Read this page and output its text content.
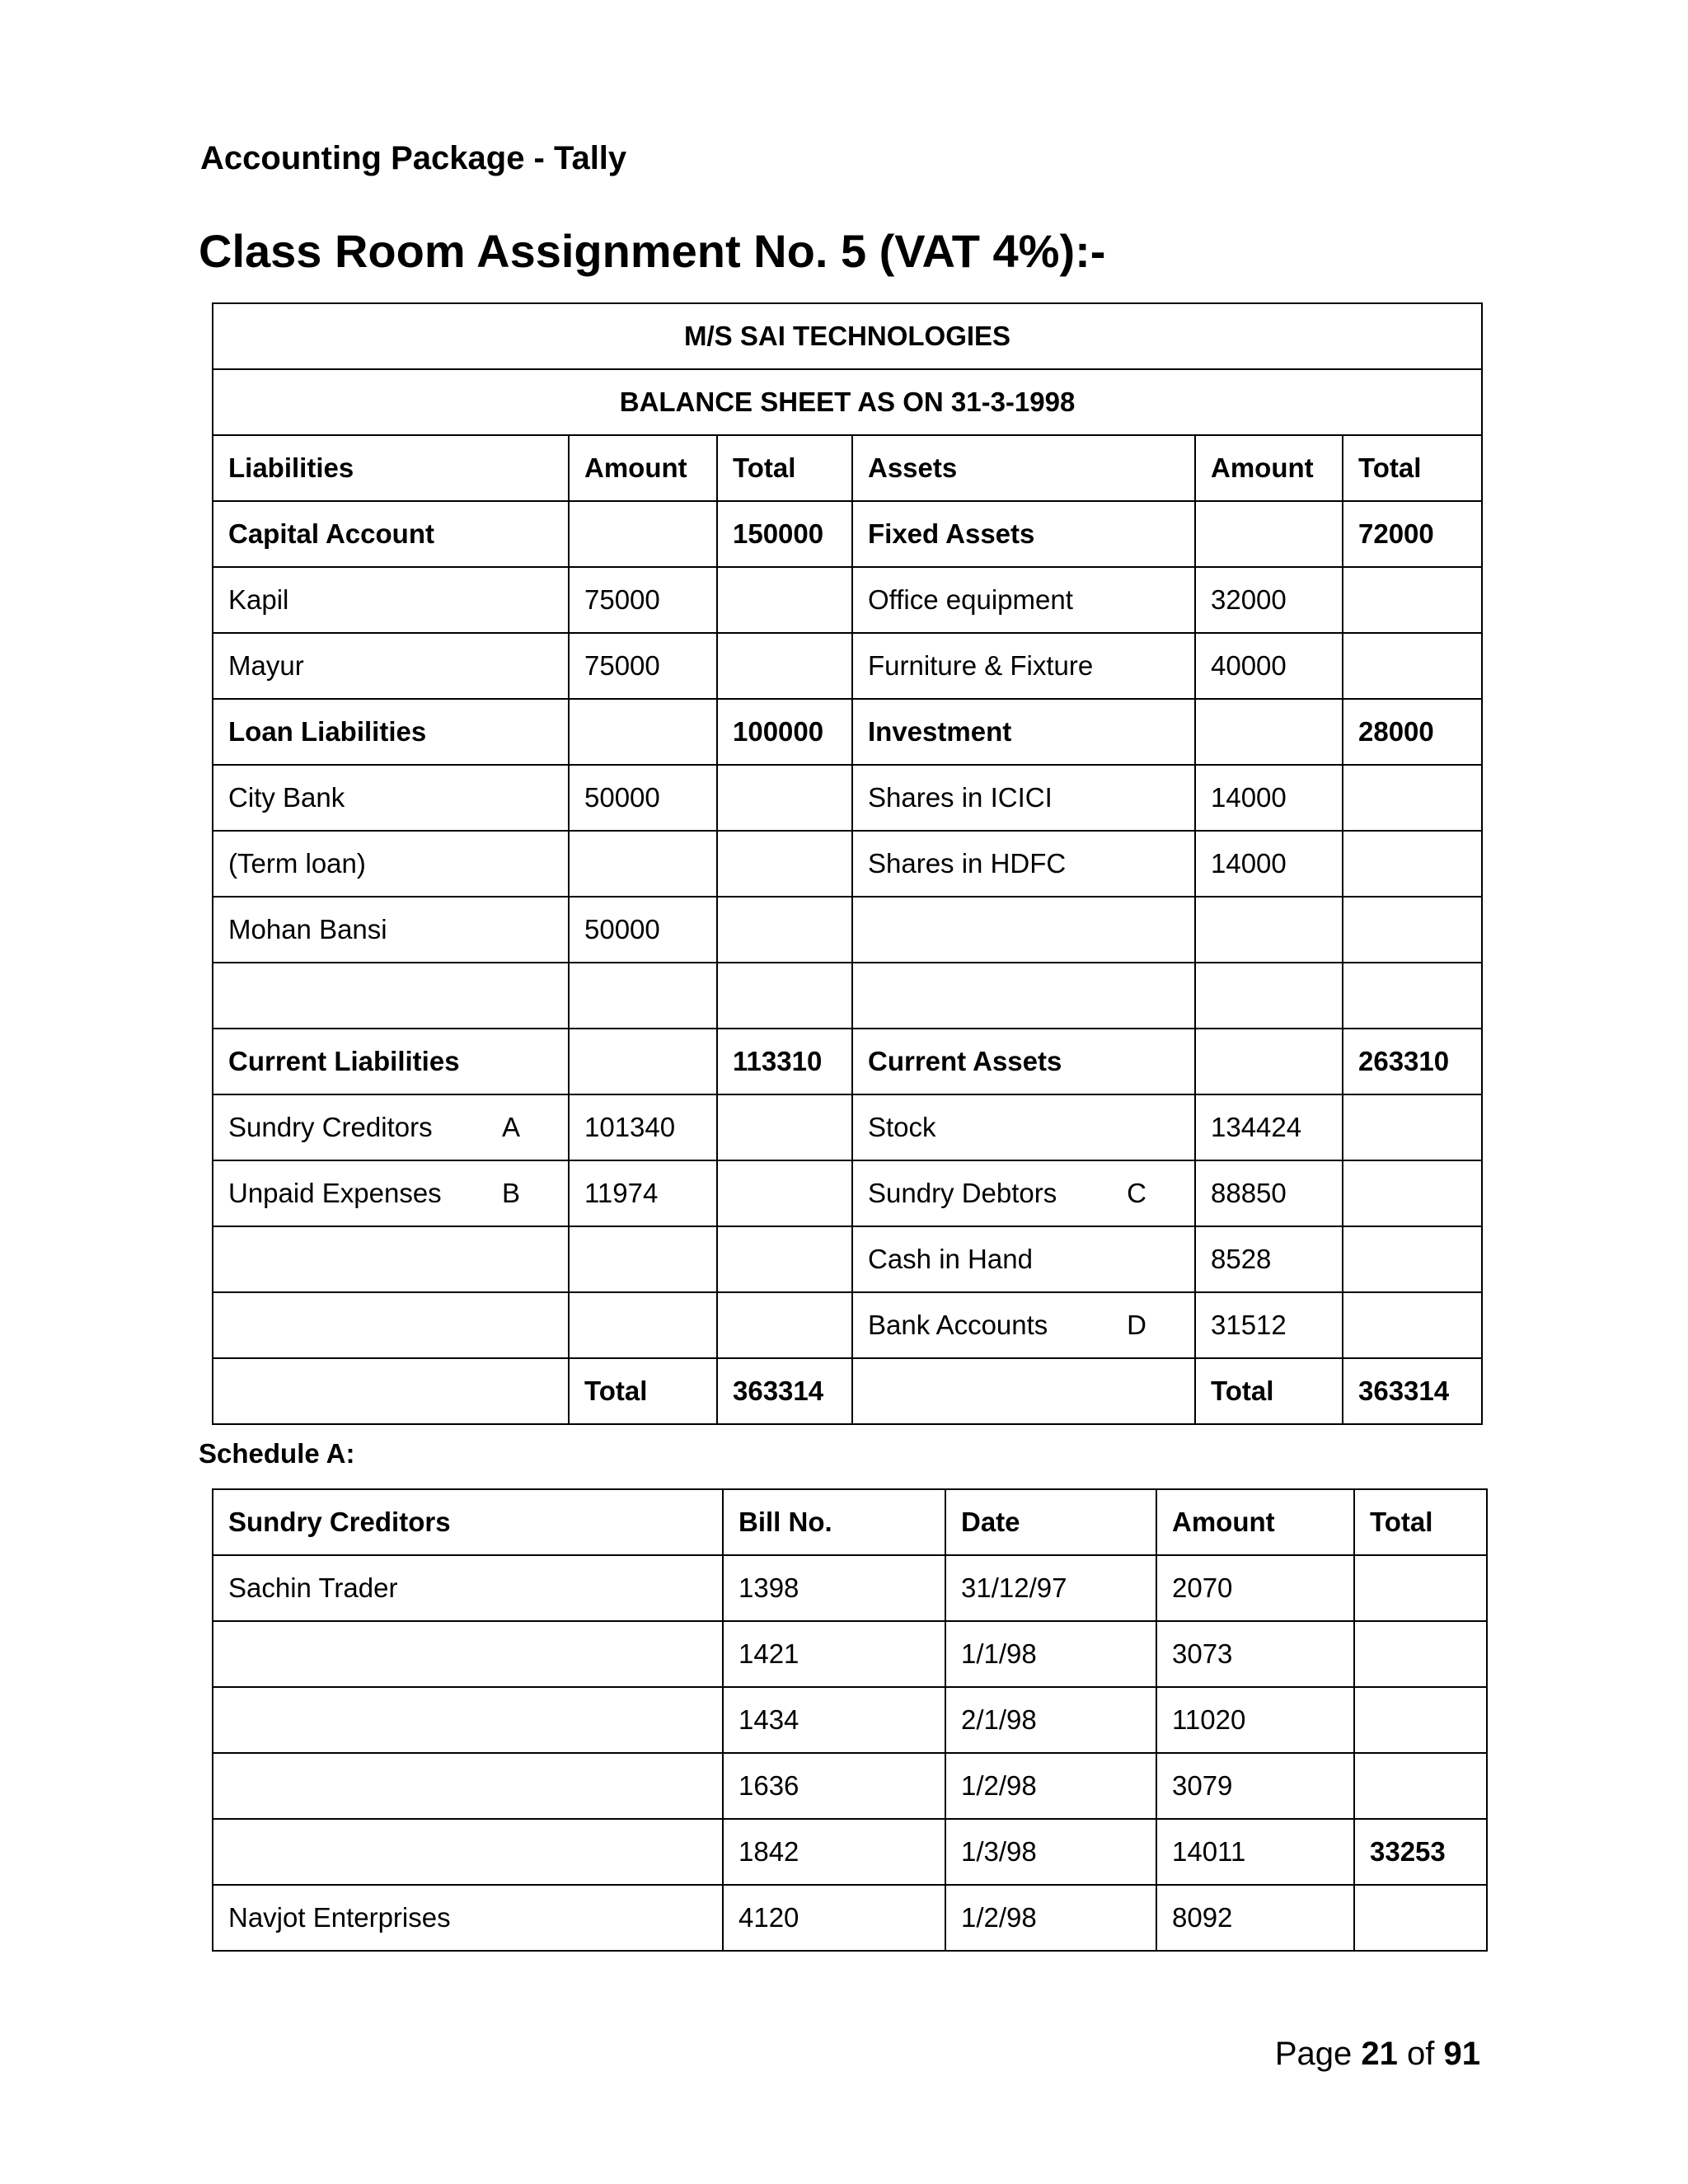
Accounting Package - Tally
Class Room Assignment No. 5 (VAT 4%):-
M/S SAI TECHNOLOGIES					
BALANCE SHEET AS ON 31-3-1998					
Liabilities	Amount	Total	Assets	Amount	Total
Capital Account		150000	Fixed Assets		72000
Kapil	75000		Office equipment	32000	
Mayur	75000		Furniture & Fixture	40000	
Loan Liabilities		100000	Investment		28000
City Bank	50000		Shares in ICICI	14000	
(Term loan)			Shares in HDFC	14000	
Mohan Bansi	50000				

Current Liabilities		113310	Current Assets		263310

Sundry Creditors A	101340		Stock	134424	

Unpaid Expenses B	11974		Sundry Debtors C	88850	
			Cash in Hand	8528	

			Bank Accounts D	31512	
	Total	363314		Total	363314
Schedule A:
Sundry Creditors	Bill No.	Date	Amount	Total
Sachin Trader	1398	31/12/97	2070	
	1421	1/1/98	3073	
	1434	2/1/98	11020	
	1636	1/2/98	3079	
	1842	1/3/98	14011	33253
Navjot Enterprises	4120	1/2/98	8092	
Page 21 of 91
